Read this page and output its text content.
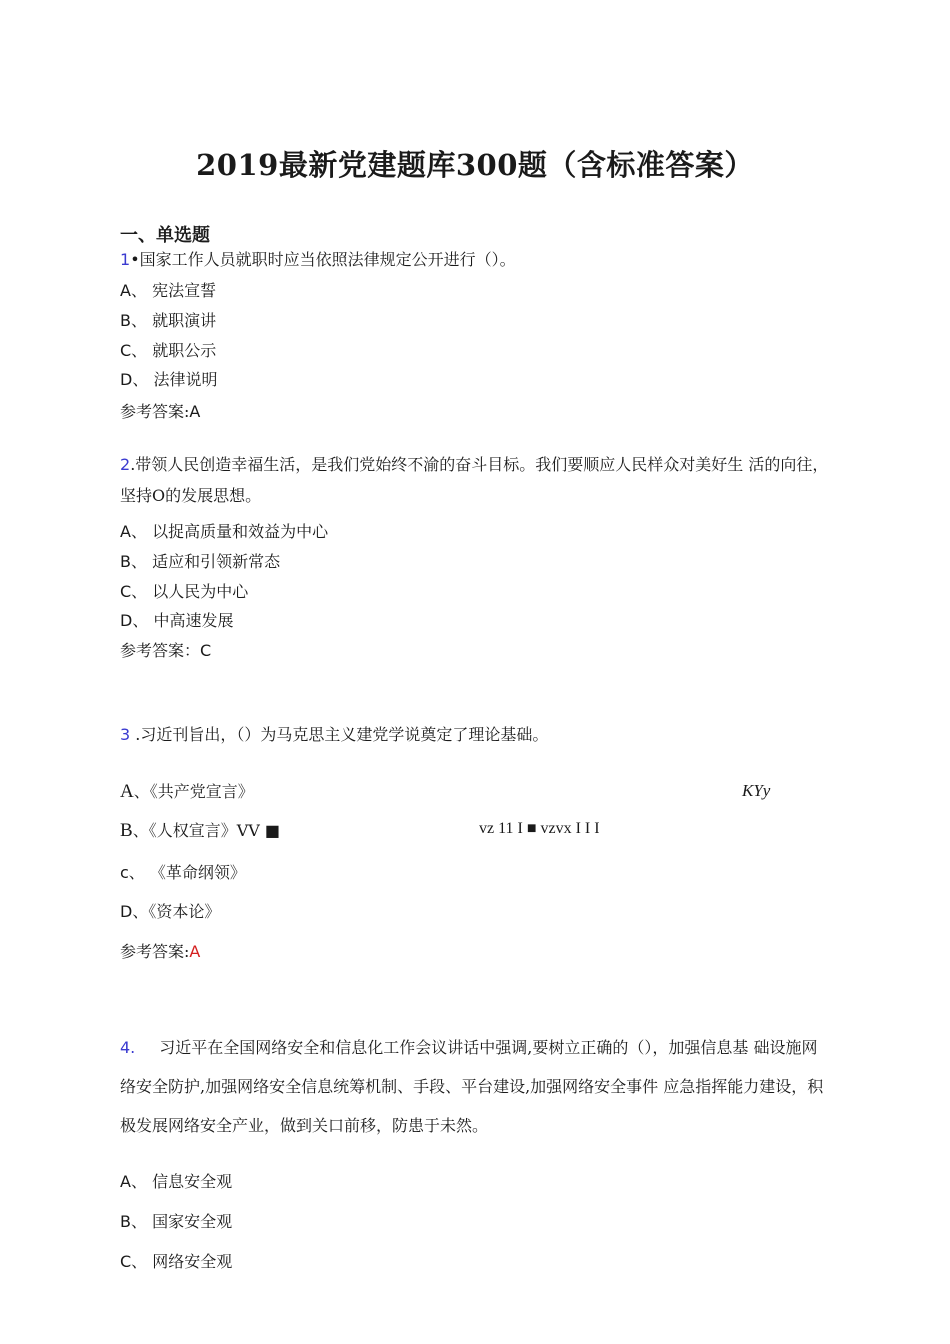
2019最新党建题库300题（含标准答案）
一、单选题
1•国家工作人员就职时应当依照法律规定公开进行（）。
A、 宪法宣誓
B、 就职演讲
C、 就职公示
D、 法律说明
参考答案:A
2.带领人民创造幸福生活，是我们党始终不渝的奋斗目标。我们要顺应人民样众对美好生 活的向往，坚持O的发展思想。
A、 以捉高质量和效益为中心
B、 适应和引领新常态
C、 以人民为中心
D、 中高速发展
参考答案：C
3 .习近刊旨出，（）为马克思主义建党学说奠定了理论基础。
A、《共产党宣言》	KYy
B、《人权宣言》VV ■	vz 11 I ■ vzvx I I I
c、 《革命纲领》
D、《资本论》
参考答案:A
4. 习近平在全国网络安全和信息化工作会议讲话中强调,要树立正确的（），加强信息基 础设施网络安全防护,加强网络安全信息统筹机制、手段、平台建设,加强网络安全事件 应急指挥能力建设，积极发展网络安全产业，做到关口前移，防患于未然。
A、 信息安全观
B、 国家安全观
C、 网络安全观
